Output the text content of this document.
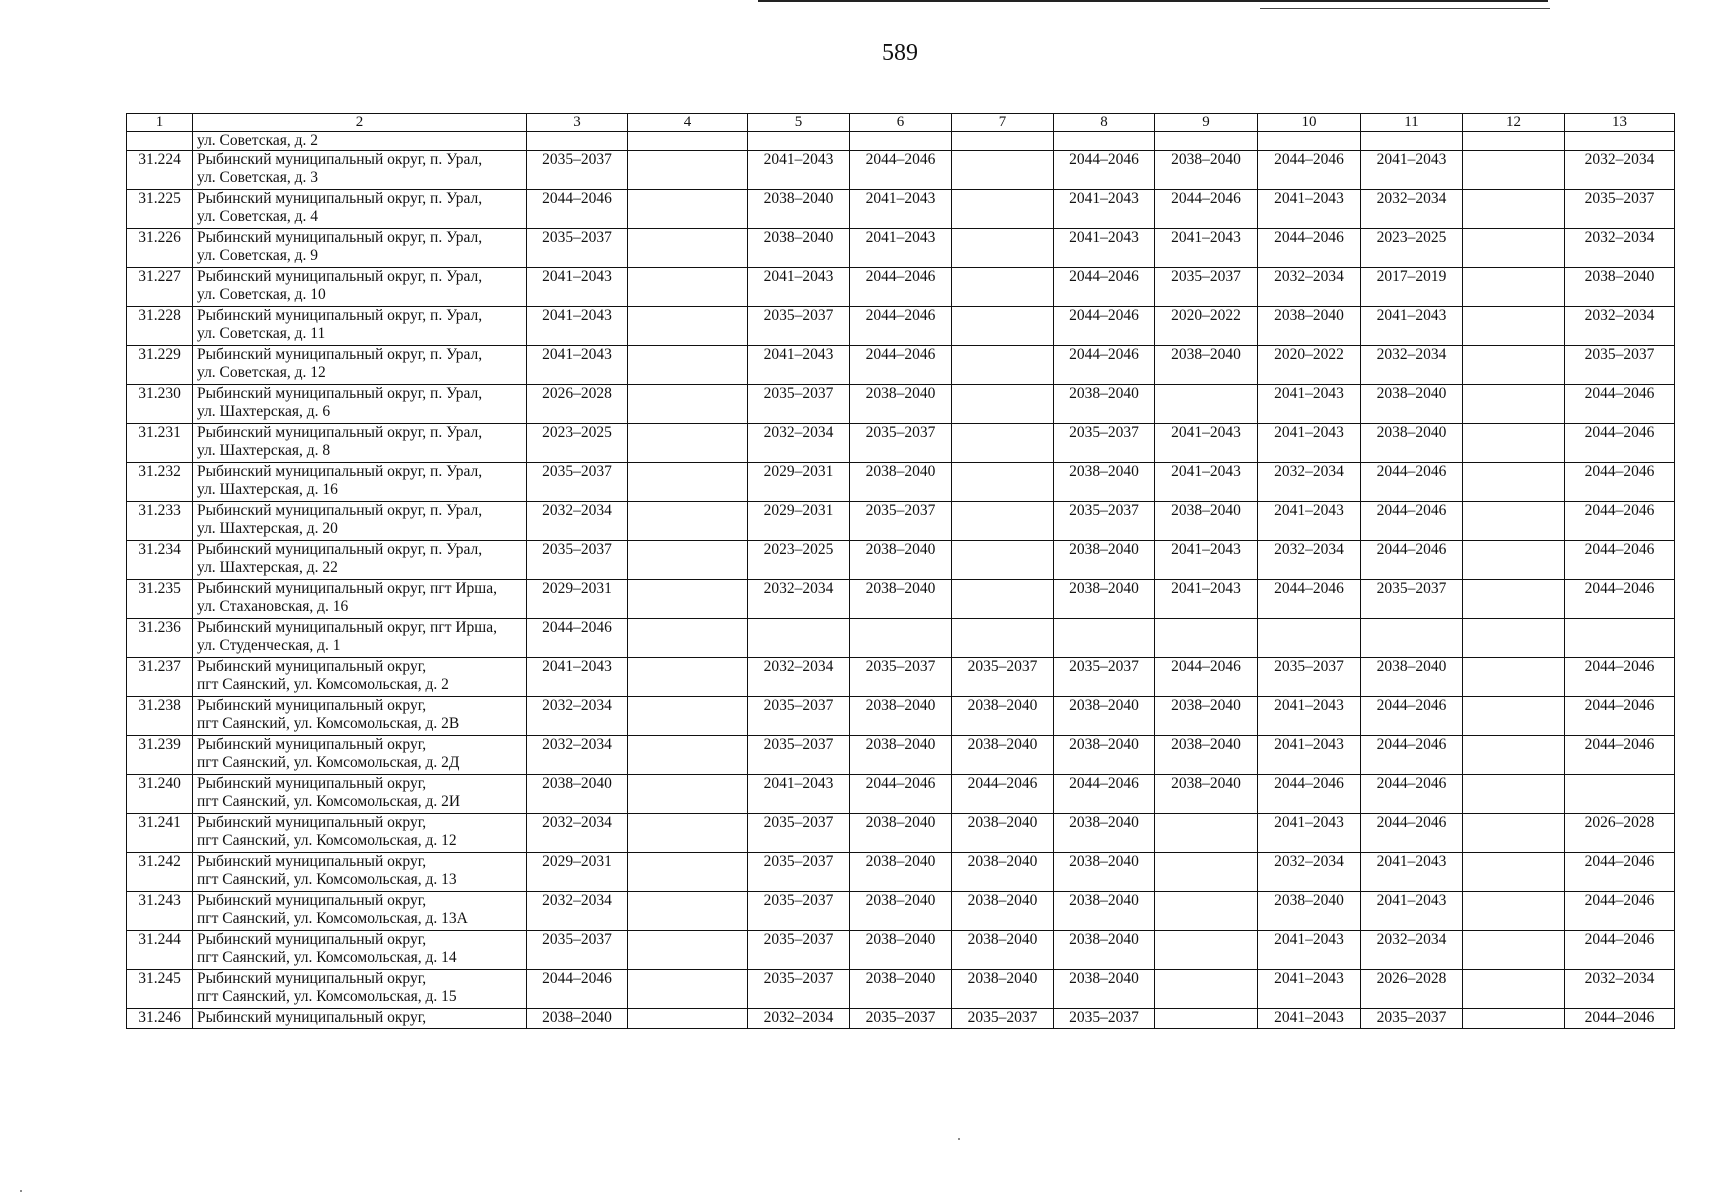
589
1	2	3	4	5	6	7	8	9	10	11	12	13
	ул. Советская, д. 2											
31.224	Рыбинский муниципальный округ, п. Урал,
ул. Советская, д. 3	2035–2037		2041–2043	2044–2046		2044–2046	2038–2040	2044–2046	2041–2043		2032–2034
31.225	Рыбинский муниципальный округ, п. Урал,
ул. Советская, д. 4	2044–2046		2038–2040	2041–2043		2041–2043	2044–2046	2041–2043	2032–2034		2035–2037
31.226	Рыбинский муниципальный округ, п. Урал,
ул. Советская, д. 9	2035–2037		2038–2040	2041–2043		2041–2043	2041–2043	2044–2046	2023–2025		2032–2034
31.227	Рыбинский муниципальный округ, п. Урал,
ул. Советская, д. 10	2041–2043		2041–2043	2044–2046		2044–2046	2035–2037	2032–2034	2017–2019		2038–2040
31.228	Рыбинский муниципальный округ, п. Урал,
ул. Советская, д. 11	2041–2043		2035–2037	2044–2046		2044–2046	2020–2022	2038–2040	2041–2043		2032–2034
31.229	Рыбинский муниципальный округ, п. Урал,
ул. Советская, д. 12	2041–2043		2041–2043	2044–2046		2044–2046	2038–2040	2020–2022	2032–2034		2035–2037
31.230	Рыбинский муниципальный округ, п. Урал,
ул. Шахтерская, д. 6	2026–2028		2035–2037	2038–2040		2038–2040		2041–2043	2038–2040		2044–2046
31.231	Рыбинский муниципальный округ, п. Урал,
ул. Шахтерская, д. 8	2023–2025		2032–2034	2035–2037		2035–2037	2041–2043	2041–2043	2038–2040		2044–2046
31.232	Рыбинский муниципальный округ, п. Урал,
ул. Шахтерская, д. 16	2035–2037		2029–2031	2038–2040		2038–2040	2041–2043	2032–2034	2044–2046		2044–2046
31.233	Рыбинский муниципальный округ, п. Урал,
ул. Шахтерская, д. 20	2032–2034		2029–2031	2035–2037		2035–2037	2038–2040	2041–2043	2044–2046		2044–2046
31.234	Рыбинский муниципальный округ, п. Урал,
ул. Шахтерская, д. 22	2035–2037		2023–2025	2038–2040		2038–2040	2041–2043	2032–2034	2044–2046		2044–2046
31.235	Рыбинский муниципальный округ, пгт Ирша,
ул. Стахановская, д. 16	2029–2031		2032–2034	2038–2040		2038–2040	2041–2043	2044–2046	2035–2037		2044–2046
31.236	Рыбинский муниципальный округ, пгт Ирша,
ул. Студенческая, д. 1	2044–2046										
31.237	Рыбинский муниципальный округ,
пгт Саянский, ул. Комсомольская, д. 2	2041–2043		2032–2034	2035–2037	2035–2037	2035–2037	2044–2046	2035–2037	2038–2040		2044–2046
31.238	Рыбинский муниципальный округ,
пгт Саянский, ул. Комсомольская, д. 2В	2032–2034		2035–2037	2038–2040	2038–2040	2038–2040	2038–2040	2041–2043	2044–2046		2044–2046
31.239	Рыбинский муниципальный округ,
пгт Саянский, ул. Комсомольская, д. 2Д	2032–2034		2035–2037	2038–2040	2038–2040	2038–2040	2038–2040	2041–2043	2044–2046		2044–2046
31.240	Рыбинский муниципальный округ,
пгт Саянский, ул. Комсомольская, д. 2И	2038–2040		2041–2043	2044–2046	2044–2046	2044–2046	2038–2040	2044–2046	2044–2046		
31.241	Рыбинский муниципальный округ,
пгт Саянский, ул. Комсомольская, д. 12	2032–2034		2035–2037	2038–2040	2038–2040	2038–2040		2041–2043	2044–2046		2026–2028
31.242	Рыбинский муниципальный округ,
пгт Саянский, ул. Комсомольская, д. 13	2029–2031		2035–2037	2038–2040	2038–2040	2038–2040		2032–2034	2041–2043		2044–2046
31.243	Рыбинский муниципальный округ,
пгт Саянский, ул. Комсомольская, д. 13А	2032–2034		2035–2037	2038–2040	2038–2040	2038–2040		2038–2040	2041–2043		2044–2046
31.244	Рыбинский муниципальный округ,
пгт Саянский, ул. Комсомольская, д. 14	2035–2037		2035–2037	2038–2040	2038–2040	2038–2040		2041–2043	2032–2034		2044–2046
31.245	Рыбинский муниципальный округ,
пгт Саянский, ул. Комсомольская, д. 15	2044–2046		2035–2037	2038–2040	2038–2040	2038–2040		2041–2043	2026–2028		2032–2034
31.246	Рыбинский муниципальный округ,	2038–2040		2032–2034	2035–2037	2035–2037	2035–2037		2041–2043	2035–2037		2044–2046
